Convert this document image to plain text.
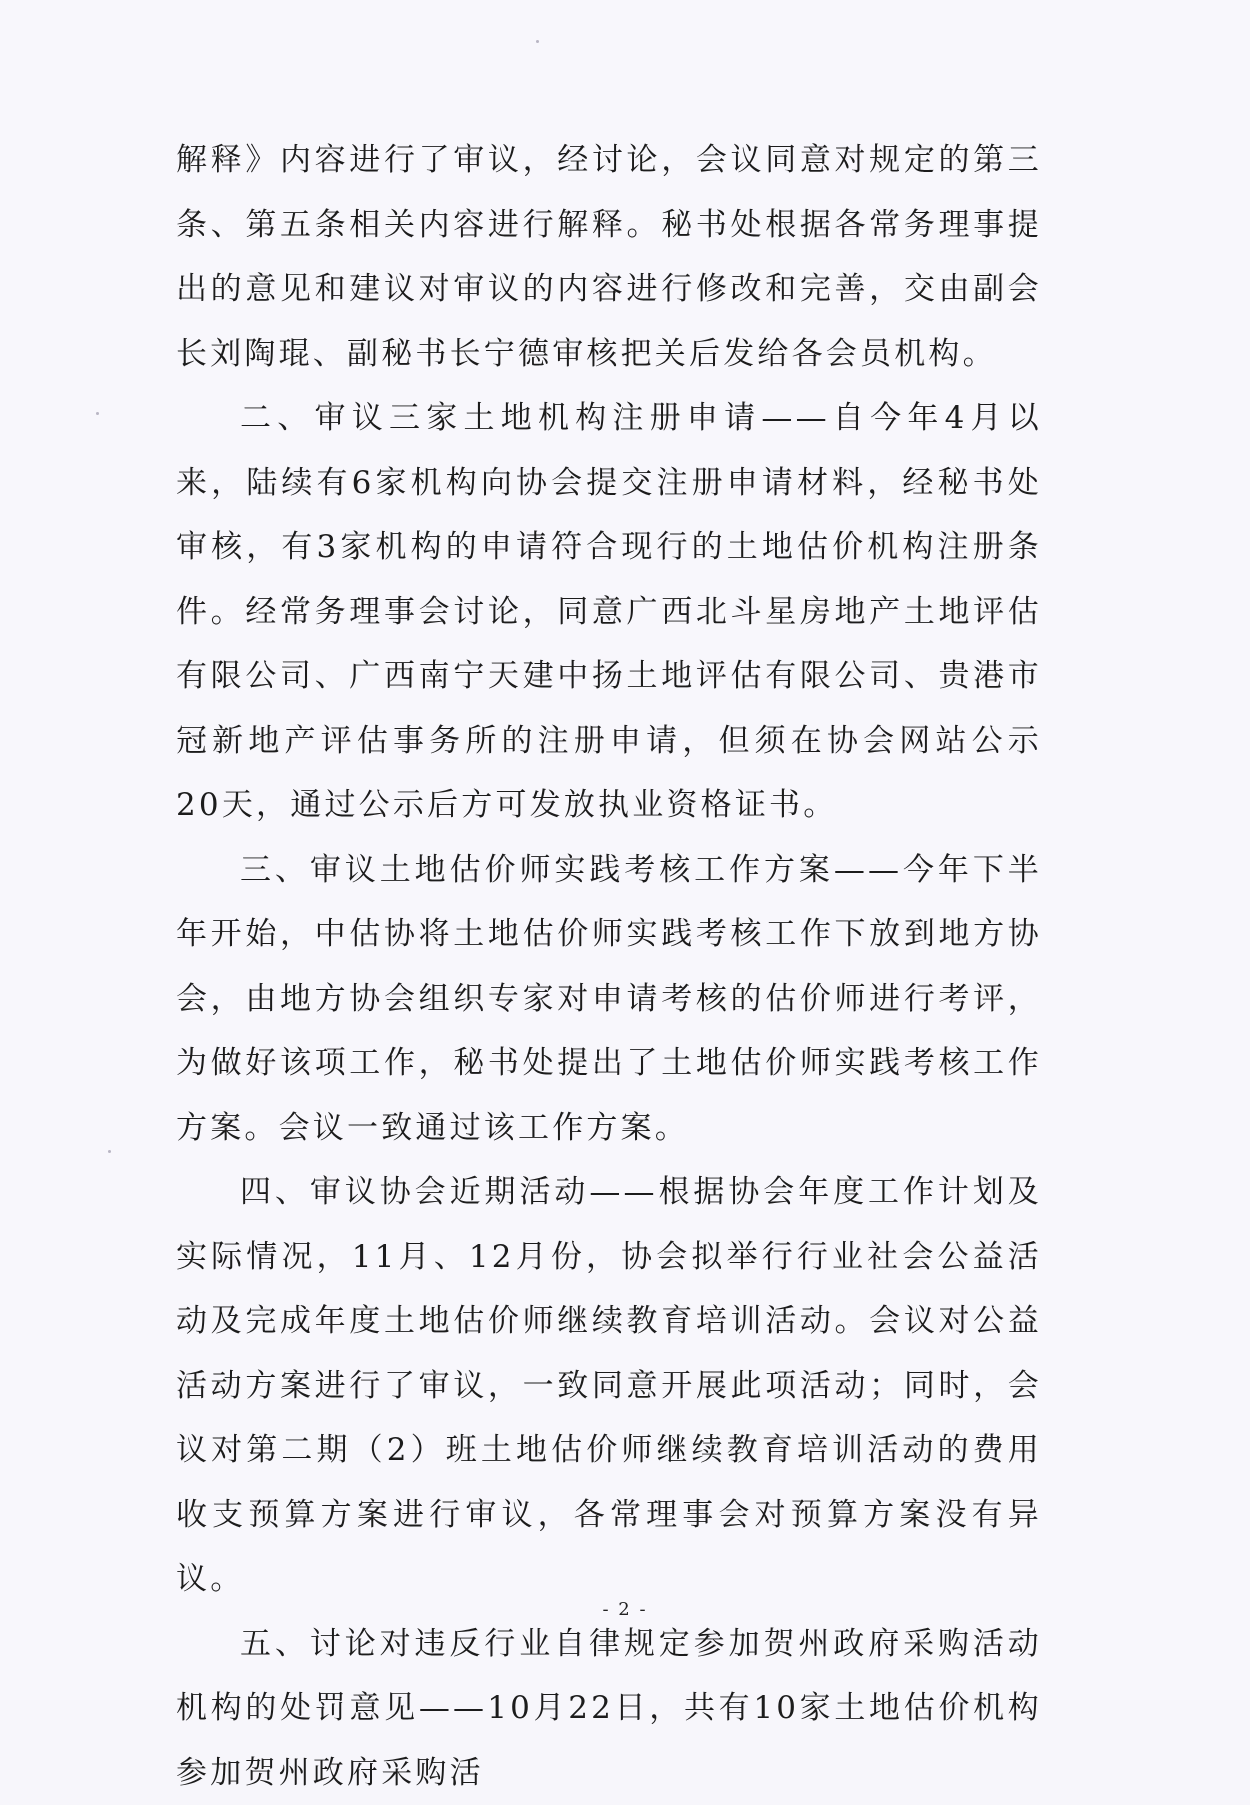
解释》内容进行了审议，经讨论，会议同意对规定的第三条、第五条相关内容进行解释。秘书处根据各常务理事提出的意见和建议对审议的内容进行修改和完善，交由副会长刘陶琨、副秘书长宁德审核把关后发给各会员机构。

二、审议三家土地机构注册申请——自今年4月以来，陆续有6家机构向协会提交注册申请材料，经秘书处审核，有3家机构的申请符合现行的土地估价机构注册条件。经常务理事会讨论，同意广西北斗星房地产土地评估有限公司、广西南宁天建中扬土地评估有限公司、贵港市冠新地产评估事务所的注册申请，但须在协会网站公示20天，通过公示后方可发放执业资格证书。

三、审议土地估价师实践考核工作方案——今年下半年开始，中估协将土地估价师实践考核工作下放到地方协会，由地方协会组织专家对申请考核的估价师进行考评，为做好该项工作，秘书处提出了土地估价师实践考核工作方案。会议一致通过该工作方案。

四、审议协会近期活动——根据协会年度工作计划及实际情况，11月、12月份，协会拟举行行业社会公益活动及完成年度土地估价师继续教育培训活动。会议对公益活动方案进行了审议，一致同意开展此项活动；同时，会议对第二期（2）班土地估价师继续教育培训活动的费用收支预算方案进行审议，各常理事会对预算方案没有异议。

五、讨论对违反行业自律规定参加贺州政府采购活动机构的处罚意见——10月22日，共有10家土地估价机构参加贺州政府采购活

- 2 -
